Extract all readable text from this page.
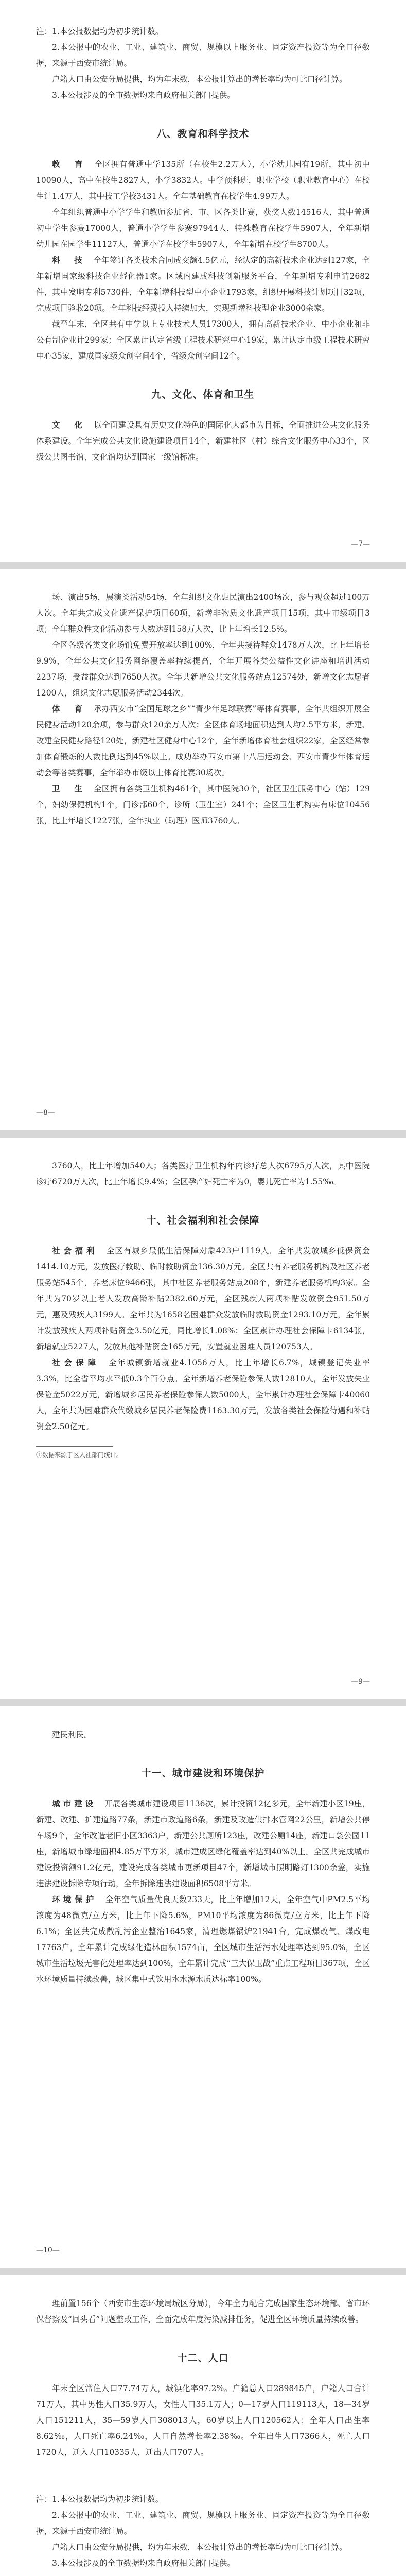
注：1.本公报数据均为初步统计数。

2.本公报中的农业、工业、建筑业、商贸、规模以上服务业、固定资产投资等为全口径数据，来源于西安市统计局。

户籍人口由公安分局提供，均为年末数，本公报计算出的增长率均为可比口径计算。

3.本公报涉及的全市数据均来自政府相关部门提供。

八、教育和科学技术

教　育　 全区拥有普通中学135所（在校生2.2万人），小学幼儿园有19所，其中初中10090人，高中在校生2827人，小学3832人。中学预科班，职业学校（职业教育中心）在校生计1.4万人，其中技工学校3431人。全年基础教育在校学生4.99万人。

全年组织普通中小学学生和教师参加省、市、区各类比赛，获奖人数14516人，其中普通初中学生参赛17000人，普通小学学生参赛97944人，特殊教育在校学生5907人，全年新增幼儿园在园学生11127人，普通小学在校学生5907人，全年新增在校学生8700人。

科　技　 全年签订各类技术合同成交额4.5亿元，经认定的高新技术企业达到127家，全年新增国家级科技企业孵化器1家。区域内建成科技创新服务平台，全年新增专利申请2682件，其中发明专利5730件，全年新增科技型中小企业1793家，组织开展科技计划项目32项，完成项目验收20项。全年科技经费投入持续加大，实现新增科技型企业3000余家。

截至年末，全区共有中学以上专业技术人员17300人，拥有高新技术企业、中小企业和非公有制企业计299家；全区累计认定省级工程技术研究中心19家，累计认定市级工程技术研究中心35家，建成国家级众创空间4个，省级众创空间12个。

九、文化、体育和卫生

文　化　 以全面建设具有历史文化特色的国际化大都市为目标，全面推进公共文化服务体系建设。全年完成公共文化设施建设项目14个，新建社区（村）综合文化服务中心33个，区级公共图书馆、文化馆均达到国家一级馆标准。

—7—

场、演出5场，展演类活动54场，全年组织文化惠民演出2400场次，参与观众超过100万人次。全年共完成文化遗产保护项目60项，新增非物质文化遗产项目15项，其中市级项目3项；全年群众性文化活动参与人数达到158万人次，比上年增长12.5%。

全区各级各类文化场馆免费开放率达到100%，全年共接待群众1478万人次，比上年增长9.9%，全年公共文化服务网络覆盖率持续提高，全年开展各类公益性文化讲座和培训活动2237场，受益群众达到7650人次。全年共新增公共文化服务站点12574处，新增文化志愿者1200人，组织文化志愿服务活动2344次。

体　育　 承办西安市“全国足球之乡”“青少年足球联赛”等体育赛事，全年共组织开展全民健身活动120余项，参与群众120余万人次；全区体育场地面积达到人均2.5平方米，新建、改建全民健身路径120处，新建社区健身中心12个，全年新增体育社会组织22家，全区经常参加体育锻炼的人数比例达到45%以上。成功举办西安市第十八届运动会、西安市青少年体育运动会等各类赛事，全年举办市级以上体育比赛30场次。

卫　生　 全区拥有各类卫生机构461个，其中医院30个，社区卫生服务中心（站）129个，妇幼保健机构1个，门诊部60个，诊所（卫生室）241个；全区卫生机构实有床位10456张，比上年增长1227张，全年执业（助理）医师3760人。

—8—

3760人，比上年增加540人；各类医疗卫生机构年内诊疗总人次6795万人次，其中医院诊疗6720万人次，比上年增长9.4%；全区孕产妇死亡率为0，婴儿死亡率为1.55‰。

十、社会福利和社会保障

社会福利　 全区有城乡最低生活保障对象423户1119人，全年共发放城乡低保资金1414.10万元，发放医疗救助、临时救助资金136.30万元。全区共有养老服务机构及社区养老服务站545个，养老床位9466张，其中社区养老服务站点208个，新建养老服务机构3家。全年共为70岁以上老人发放高龄补贴2382.60万元，全区残疾人两项补贴发放资金951.50万元，惠及残疾人3199人。全年共为1658名困难群众发放临时救助资金1293.10万元，全年累计发放残疾人两项补贴资金3.50亿元，同比增长1.08%；全区累计办理社会保障卡6134张，新增就业5227人，发放其他补贴资金165万元，安置就业困难人员120753人。

社会保障　 全年城镇新增就业4.1056万人，比上年增长6.7%，城镇登记失业率3.3%，比全省平均水平低0.3个百分点。全年新增养老保险参保人数12810人，全年发放失业保险金5022万元，新增城乡居民养老保险参保人数5000人，全年累计办理社会保障卡40060人，全年共为困难群众代缴城乡居民养老保险费1163.30万元，发放各类社会保险待遇和补贴资金2.50亿元。

①数据来源于区人社部门统计。

—9—

建民利民。

十一、城市建设和环境保护

城市建设　 开展各类城市建设项目1136次，累计投资12亿多元，全年新建小区19座，新建、改建、扩建道路77条，新建市政道路6条，新建及改造供排水管网22公里，新增公共停车场9个，全年改造老旧小区3363户，新建公共厕所123座，改建公厕14座，新建口袋公园11座，新增城市绿地面积4.85万平方米，城市建成区绿化覆盖率达到40%以上。全区共完成城市建设投资额91.2亿元，建设完成各类城市更新项目47个，新增城市照明路灯1300余盏，实施违法建设拆除专项行动，全年拆除违法建设面积6508平方米。

环境保护　 全年空气质量优良天数233天，比上年增加12天，全年空气中PM2.5平均浓度为48微克/立方米，比上年下降5.6%，PM10平均浓度为86微克/立方米，比上年下降6.1%；全区共完成散乱污企业整治1645家，清理燃煤锅炉21941台，完成煤改气、煤改电17763户，全年累计完成绿化造林面积1574亩，全区城市生活污水处理率达到95.0%，全区城市生活垃圾无害化处理率达到100%，全年累计完成“三大保卫战”重点工程项目367项，全区水环境质量持续改善，城区集中式饮用水水源水质达标率100%。

—10—

理前置156个（西安市生态环境局城区分局），今年全力配合完成国家生态环境部、省市环保督察及“回头看”问题整改工作，全面完成年度污染减排任务，促进全区环境质量持续改善。

十二、人口

年末全区常住人口77.74万人，城镇化率97.2%。户籍总人口289845户，户籍人口合计71万人，其中男性人口35.9万人，女性人口35.1万人；0—17岁人口119113人，18—34岁人口151211人，35—59岁人口308013人，60岁以上人口120562人；全年人口出生率8.62‰，人口死亡率6.24‰，人口自然增长率2.38‰。全年出生人口7366人，死亡人口1720人，迁入人口10335人，迁出人口707人。

注：1.本公报数据均为初步统计数。

2.本公报中的农业、工业、建筑业、商贸、规模以上服务业、固定资产投资等为全口径数据，来源于西安市统计局。

户籍人口由公安分局提供，均为年末数，本公报计算出的增长率均为可比口径计算。

3.本公报涉及的全市数据均来自政府相关部门提供。
